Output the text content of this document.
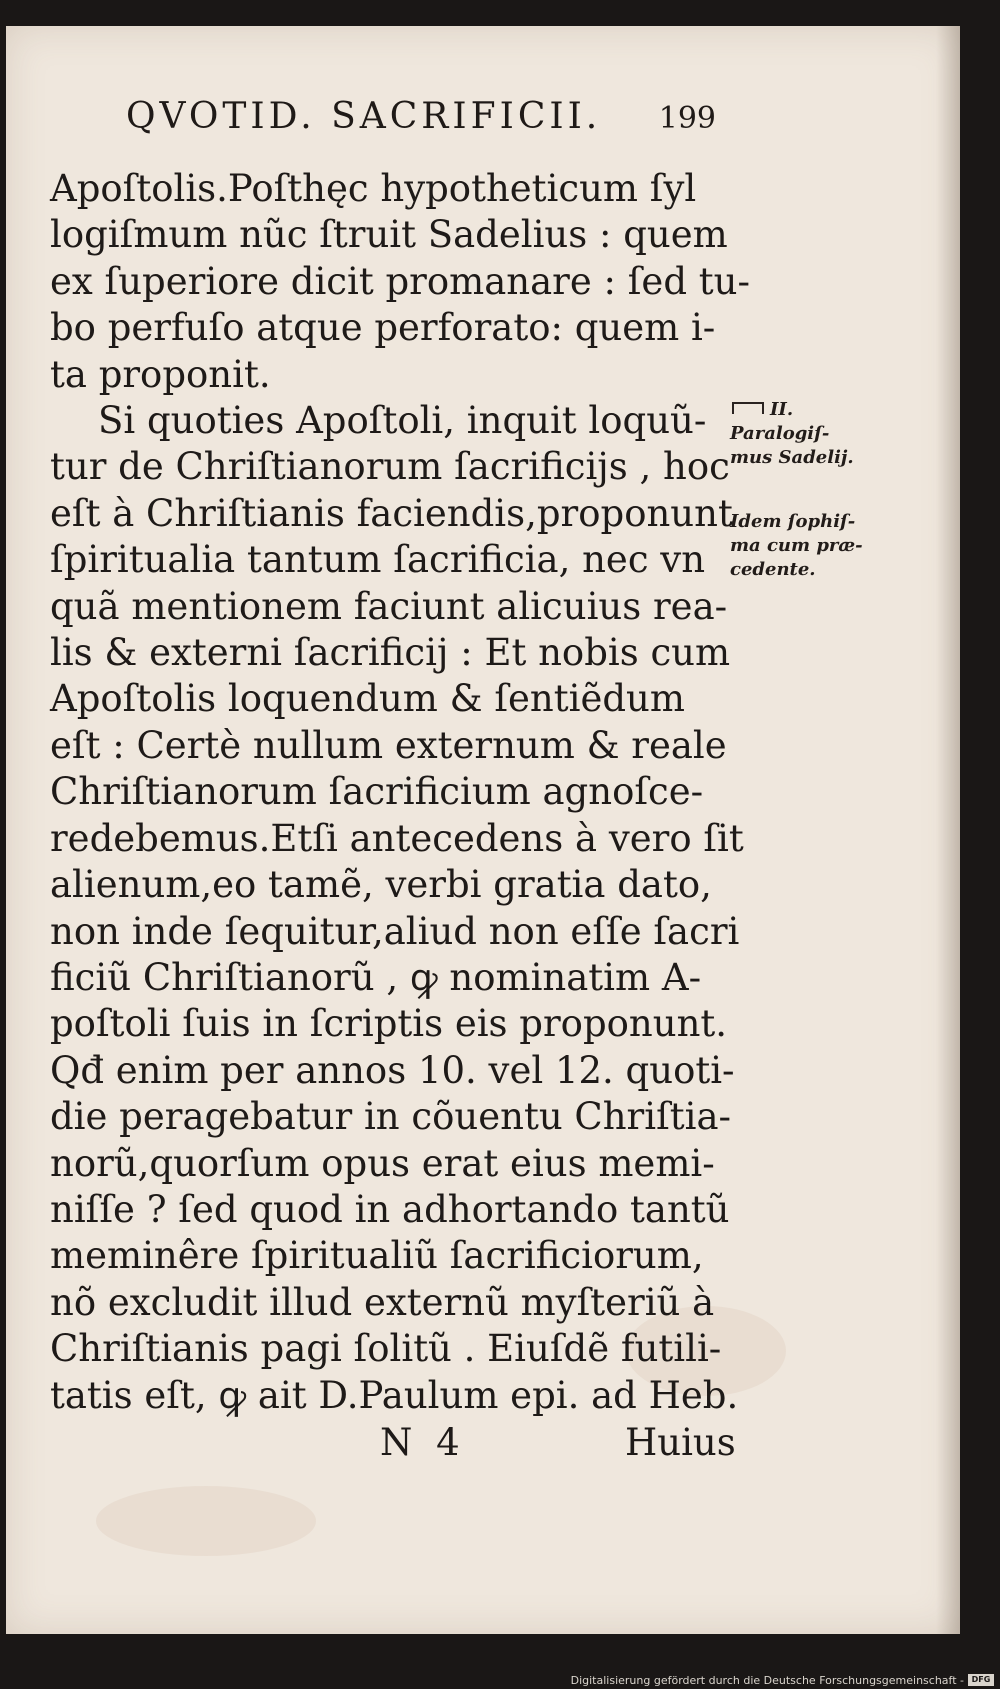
QVOTID. SACRIFICII. 199
Apoſtolis.Poſthęc hypotheticum ſyl
logiſmum nũc ſtruit Sadelius : quem
ex ſuperiore dicit promanare : ſed tu-
bo perfuſo atque perforato: quem i-
ta proponit.
Si quoties Apoſtoli, inquit loquũ-
tur de Chriſtianorum ſacrificijs , hoc
eſt à Chriſtianis faciendis,proponunt
ſpiritualia tantum ſacrificia, nec vn
quã mentionem faciunt alicuius rea-
lis & externi ſacrificij : Et nobis cum
Apoſtolis loquendum & ſentiẽdum
eſt : Certè nullum externum & reale
Chriſtianorum ſacrificium agnoſce-
redebemus.Etſi antecedens à vero ſit
alienum,eo tamẽ, verbi gratia dato,
non inde ſequitur,aliud non eſſe ſacri
ficiũ Chriſtianorũ , ꝙ nominatim A-
poſtoli ſuis in ſcriptis eis proponunt.
Qđ enim per annos 10. vel 12. quoti-
die peragebatur in cõuentu Chriſtia-
norũ,quorſum opus erat eius memi-
niſſe ? ſed quod in adhortando tantũ
meminêre ſpiritualiũ ſacrificiorum,
nõ excludit illud externũ myſteriũ à
Chriſtianis pagi ſolitũ . Eiuſdẽ futili-
tatis eſt, ꝙ ait D.Paulum epi. ad Heb.
II.
Paralogiſ-
mus Sadelij.
Idem ſophiſ-
ma cum præ-
cedente.
N 4	Huius
Digitalisierung gefördert durch die Deutsche Forschungsgemeinschaft - DFG
